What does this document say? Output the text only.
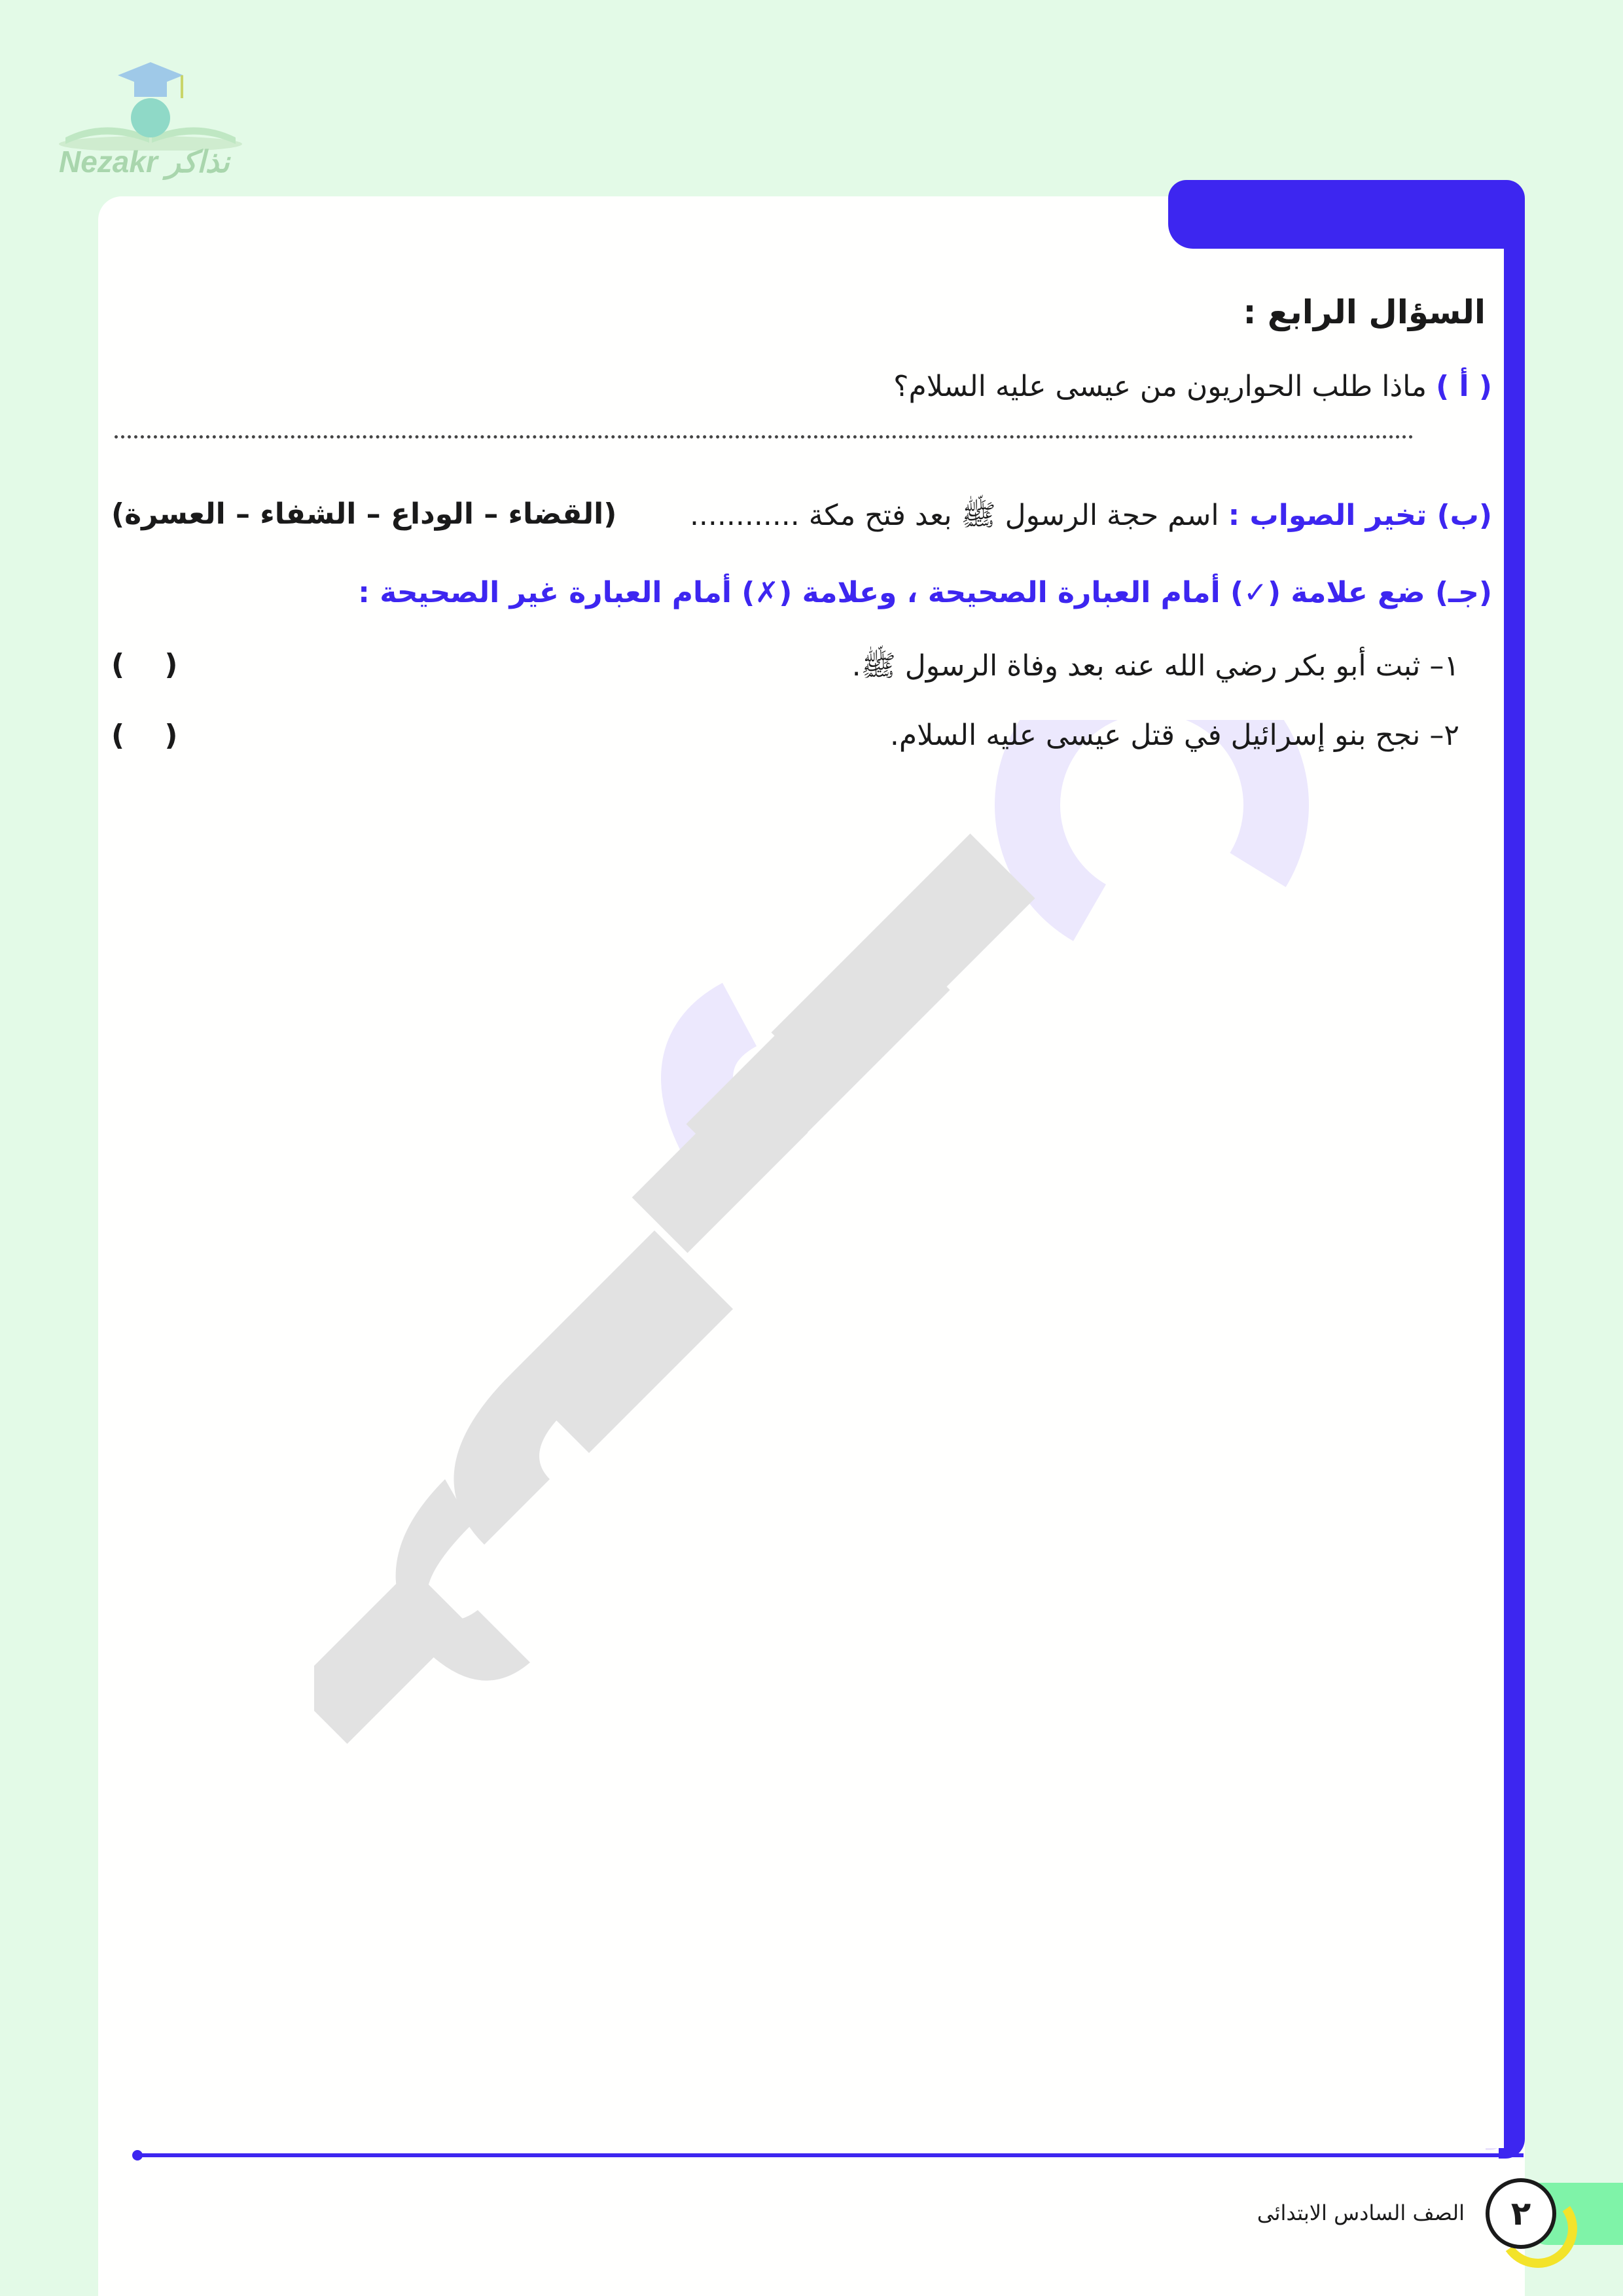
Nezakr نذاكر
السؤال الرابع :
( أ ) ماذا طلب الحواريون من عيسى عليه السلام؟
(ب) تخير الصواب : اسم حجة الرسول ﷺ بعد فتح مكة ............
(القضاء – الوداع – الشفاء – العسرة)
(جـ) ضع علامة (✓) أمام العبارة الصحيحة ، وعلامة (✗) أمام العبارة غير الصحيحة :
١– ثبت أبو بكر رضي الله عنه بعد وفاة الرسول ﷺ.
(    )
٢– نجح بنو إسرائيل في قتل عيسى عليه السلام.
(    )
٢
الصف السادس الابتدائى
